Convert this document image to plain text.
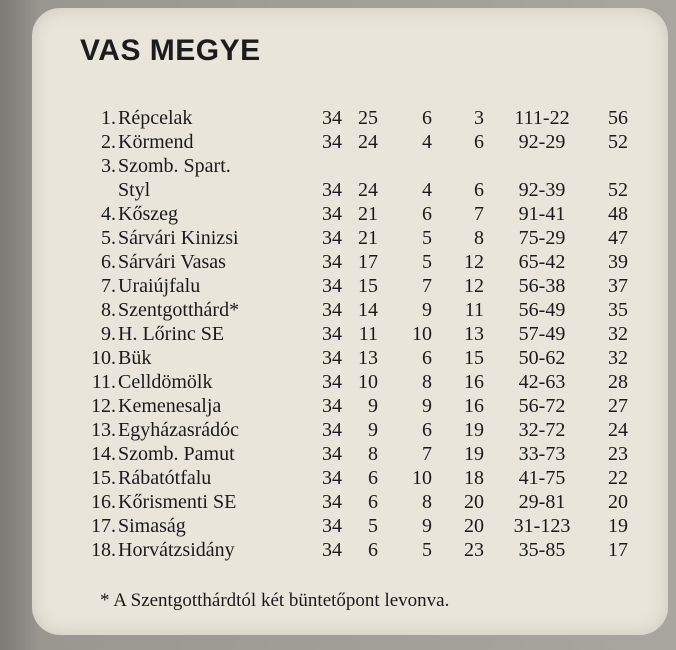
VAS MEGYE
1. Répcelak	34 25	6	3	111-22	56
2. Körmend	34 24	4	6	92-29	52
3. Szomb. Spart.
Styl	34 24	4	6	92-39	52
4. Kőszeg	34 21	6	7	91-41	48
5. Sárvári Kinizsi	34 21	5	8	75-29	47
6. Sárvári Vasas	34 17	5	12	65-42	39
7. Uraiújfalu	34 15	7	12	56-38	37
8. Szentgotthárd*	34 14	9	11	56-49	35
9. H. Lőrinc SE	34 11	10	13	57-49	32
10. Bük	34 13	6	15	50-62	32
11. Celldömölk	34 10	8	16	42-63	28
12. Kemenesalja	34	9	9	16	56-72	27
13. Egyházasrádóc	34	9	6	19	32-72	24
14. Szomb. Pamut	34	8	7	19	33-73	23
15. Rábatótfalu	34	6	10	18	41-75	22
16. Kőrismenti SE	34	6	8	20	29-81	20
17. Simaság	34	5	9	20	31-123	19
18. Horvátzsidány	34	6	5	23	35-85	17
* A Szentgotthárdtól két büntetőpont levonva.
